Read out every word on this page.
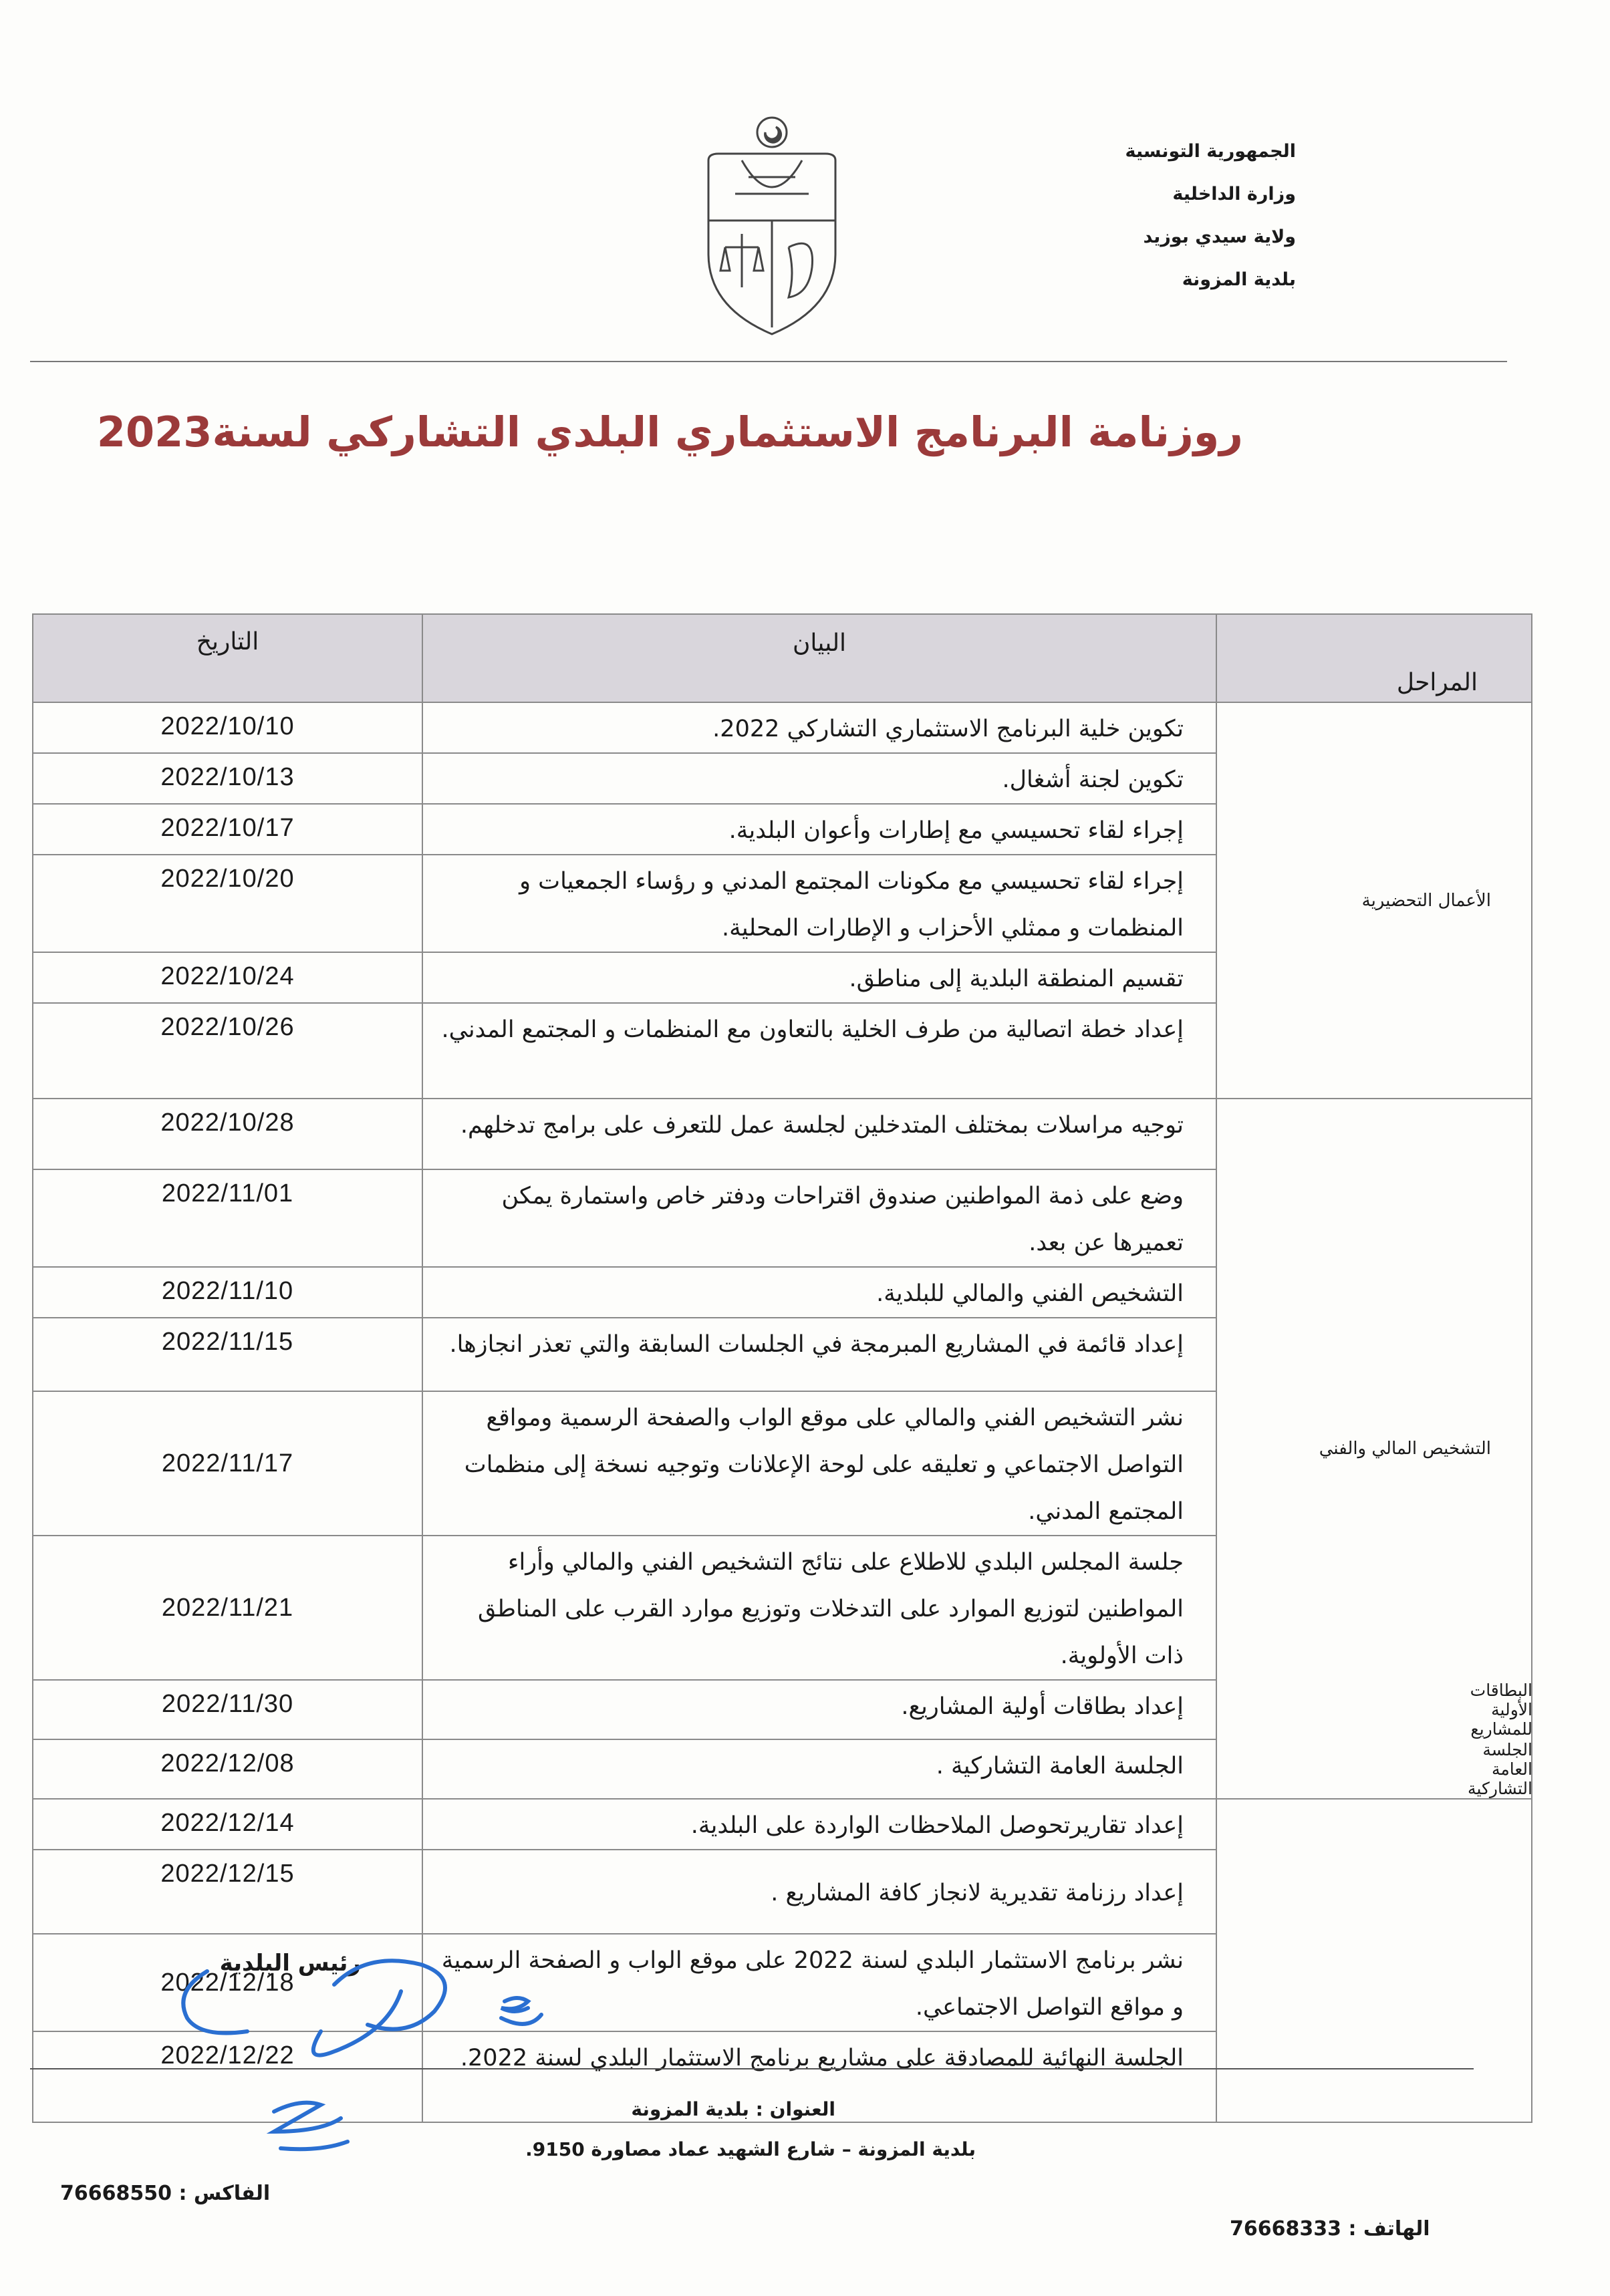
الجمهورية التونسية
وزارة الداخلية
ولاية سيدي بوزيد
بلدية المزونة
روزنامة البرنامج الاستثماري البلدي التشاركي لسنة2023
التاريخ	البيان	المراحل	
2022/10/10	تكوين خلية البرنامج الاستثماري التشاركي 2022.	الأعمال التحضيرية	
2022/10/13	تكوين لجنة أشغال.		
2022/10/17	إجراء لقاء تحسيسي مع إطارات وأعوان البلدية.		
2022/10/20	إجراء لقاء تحسيسي مع مكونات المجتمع المدني و رؤساء الجمعيات و المنظمات و ممثلي الأحزاب و الإطارات المحلية.		
2022/10/24	تقسيم المنطقة البلدية إلى مناطق.		
2022/10/26	إعداد خطة اتصالية من طرف الخلية بالتعاون مع المنظمات و المجتمع المدني.		
2022/10/28	توجيه مراسلات بمختلف المتدخلين لجلسة عمل للتعرف على برامج تدخلهم.	التشخيص المالي والفني	
2022/11/01	وضع على ذمة المواطنين صندوق اقتراحات ودفتر خاص واستمارة يمكن تعميرها عن بعد.		
2022/11/10	التشخيص الفني والمالي للبلدية.		
2022/11/15	إعداد قائمة في المشاريع المبرمجة في الجلسات السابقة والتي تعذر انجازها.		
2022/11/17	نشر التشخيص الفني والمالي على موقع الواب والصفحة الرسمية ومواقع التواصل الاجتماعي و تعليقه على لوحة الإعلانات وتوجيه نسخة إلى منظمات المجتمع المدني.		
2022/11/21	جلسة المجلس البلدي للاطلاع على نتائج التشخيص الفني والمالي وأراء المواطنين لتوزيع الموارد على التدخلات وتوزيع موارد القرب على المناطق ذات الأولوية.		
2022/11/30	إعداد بطاقات أولية المشاريع.		البطاقات الأولية للمشاريع
2022/12/08	الجلسة العامة التشاركية .		الجلسة العامة التشاركية
2022/12/14	إعداد تقاريرتحوصل الملاحظات الواردة على البلدية.		
2022/12/15	إعداد رزنامة تقديرية لانجاز كافة المشاريع .		
2022/12/18	نشر برنامج الاستثمار البلدي لسنة 2022 على موقع الواب و الصفحة الرسمية و مواقع التواصل الاجتماعي.		
2022/12/22	الجلسة النهائية للمصادقة على مشاريع برنامج الاستثمار البلدي لسنة 2022.		
رئيس البلدية
العنوان : بلدية المزونة
بلدية المزونة – شارع الشهيد عماد مصاورة 9150.
الفاكس : 76668550
الهاتف : 76668333
